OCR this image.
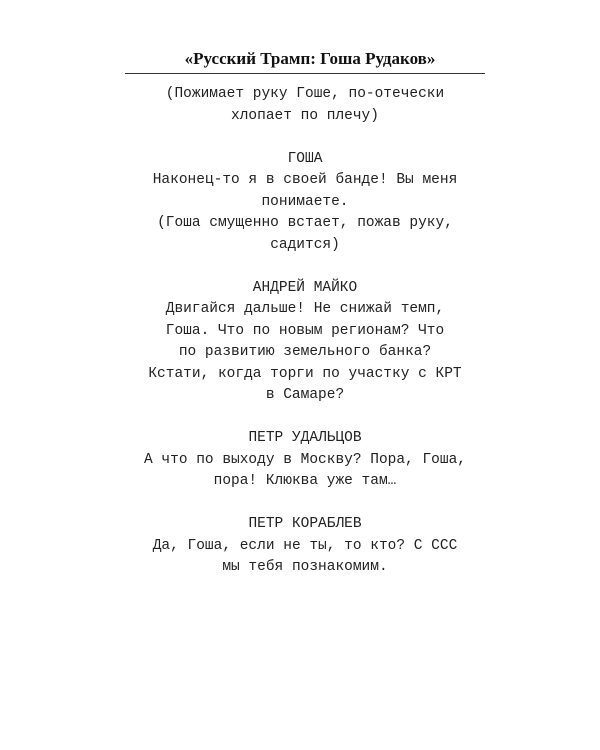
«Русский Трамп: Гоша Рудаков»
(Пожимает руку Гоше, по-отечески
хлопает по плечу)
ГОША
Наконец-то я в своей банде! Вы меня
понимаете.
(Гоша смущенно встает, пожав руку,
садится)
АНДРЕЙ МАЙКО
Двигайся дальше! Не снижай темп,
Гоша. Что по новым регионам? Что
по развитию земельного банка?
Кстати, когда торги по участку с КРТ
в Самаре?
ПЕТР УДАЛЬЦОВ
А что по выходу в Москву? Пора, Гоша,
пора! Клюква уже там…
ПЕТР КОРАБЛЕВ
Да, Гоша, если не ты, то кто? С ССС
мы тебя познакомим.
